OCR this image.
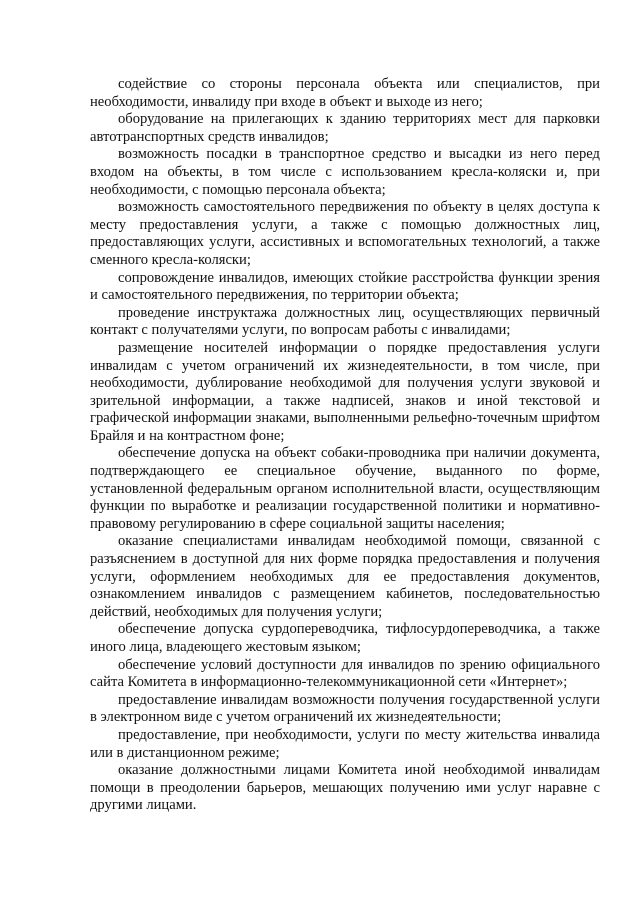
содействие со стороны персонала объекта или специалистов, при необходимости, инвалиду при входе в объект и выходе из него;

оборудование на прилегающих к зданию территориях мест для парковки автотранспортных средств инвалидов;

возможность посадки в транспортное средство и высадки из него перед входом на объекты, в том числе с использованием кресла-коляски и, при необходимости, с помощью персонала объекта;

возможность самостоятельного передвижения по объекту в целях доступа к месту предоставления услуги, а также с помощью должностных лиц, предоставляющих услуги, ассистивных и вспомогательных технологий, а также сменного кресла-коляски;

сопровождение инвалидов, имеющих стойкие расстройства функции зрения и самостоятельного передвижения, по территории объекта;

проведение инструктажа должностных лиц, осуществляющих первичный контакт с получателями услуги, по вопросам работы с инвалидами;

размещение носителей информации о порядке предоставления услуги инвалидам с учетом ограничений их жизнедеятельности, в том числе, при необходимости, дублирование необходимой для получения услуги звуковой и зрительной информации, а также надписей, знаков и иной текстовой и графической информации знаками, выполненными рельефно-точечным шрифтом Брайля и на контрастном фоне;

обеспечение допуска на объект собаки-проводника при наличии документа, подтверждающего ее специальное обучение, выданного по форме, установленной федеральным органом исполнительной власти, осуществляющим функции по выработке и реализации государственной политики и нормативно-правовому регулированию в сфере социальной защиты населения;

оказание специалистами инвалидам необходимой помощи, связанной с разъяснением в доступной для них форме порядка предоставления и получения услуги, оформлением необходимых для ее предоставления документов, ознакомлением инвалидов с размещением кабинетов, последовательностью действий, необходимых для получения услуги;

обеспечение допуска сурдопереводчика, тифлосурдопереводчика, а также иного лица, владеющего жестовым языком;

обеспечение условий доступности для инвалидов по зрению официального сайта Комитета в информационно-телекоммуникационной сети «Интернет»;

предоставление инвалидам возможности получения государственной услуги в электронном виде с учетом ограничений их жизнедеятельности;

предоставление, при необходимости, услуги по месту жительства инвалида или в дистанционном режиме;

оказание должностными лицами Комитета иной необходимой инвалидам помощи в преодолении барьеров, мешающих получению ими услуг наравне с другими лицами.
